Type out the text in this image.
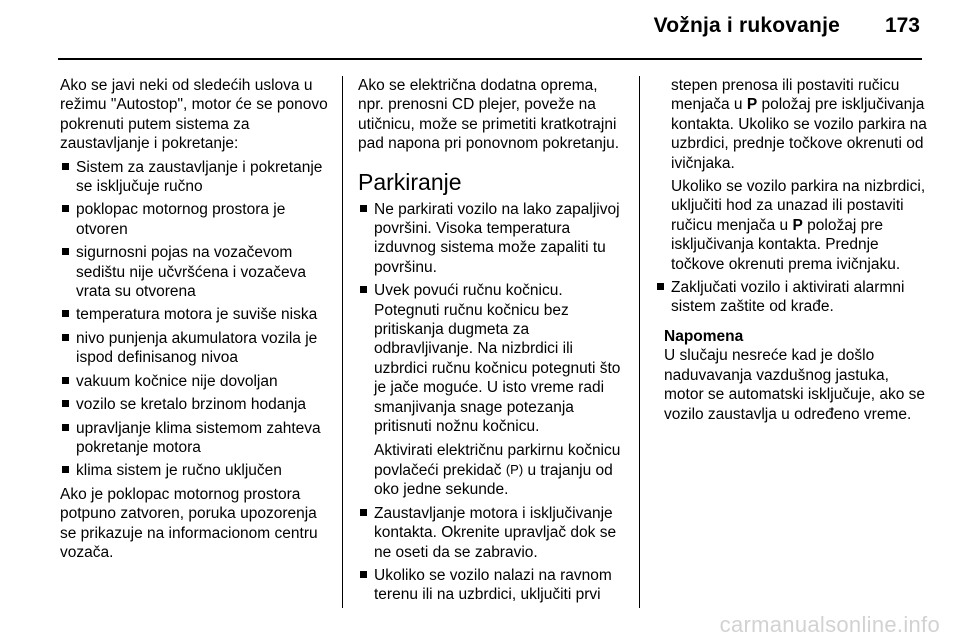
Vožnja i rukovanje 173

Ako se javi neki od sledećih uslova u režimu "Autostop", motor će se ponovo pokrenuti putem sistema za zaustavljanje i pokretanje:

Sistem za zaustavljanje i pokretanje se isključuje ručno
poklopac motornog prostora je otvoren
sigurnosni pojas na vozačevom sedištu nije učvršćena i vozačeva vrata su otvorena
temperatura motora je suviše niska
nivo punjenja akumulatora vozila je ispod definisanog nivoa
vakuum kočnice nije dovoljan
vozilo se kretalo brzinom hodanja
upravljanje klima sistemom zahteva pokretanje motora
klima sistem je ručno uključen

Ako je poklopac motornog prostora potpuno zatvoren, poruka upozorenja se prikazuje na informacionom centru vozača.

Ako se električna dodatna oprema, npr. prenosni CD plejer, poveže na utičnicu, može se primetiti kratkotrajni pad napona pri ponovnom pokretanju.

Parkiranje
Ne parkirati vozilo na lako zapaljivoj površini. Visoka temperatura izduvnog sistema može zapaliti tu površinu.
Uvek povući ručnu kočnicu. Potegnuti ručnu kočnicu bez pritiskanja dugmeta za odbravljivanje. Na nizbrdici ili uzbrdici ručnu kočnicu potegnuti što je jače moguće. U isto vreme radi smanjivanja snage potezanja pritisnuti nožnu kočnicu.

Aktivirati električnu parkirnu kočnicu povlačeći prekidač (P) u trajanju od oko jedne sekunde.

Zaustavljanje motora i isključivanje kontakta. Okrenite upravljač dok se ne oseti da se zabravio.
Ukoliko se vozilo nalazi na ravnom terenu ili na uzbrdici, uključiti prvi

stepen prenosa ili postaviti ručicu menjača u P položaj pre isključivanja kontakta. Ukoliko se vozilo parkira na uzbrdici, prednje točkove okrenuti od ivičnjaka.

Ukoliko se vozilo parkira na nizbrdici, uključiti hod za unazad ili postaviti ručicu menjača u P položaj pre isključivanja kontakta. Prednje točkove okrenuti prema ivičnjaku.

Zaključati vozilo i aktivirati alarmni sistem zaštite od krađe.

Napomena

U slučaju nesreće kad je došlo naduvavanja vazdušnog jastuka, motor se automatski isključuje, ako se vozilo zaustavlja u određeno vreme.

carmanualsonline.info
